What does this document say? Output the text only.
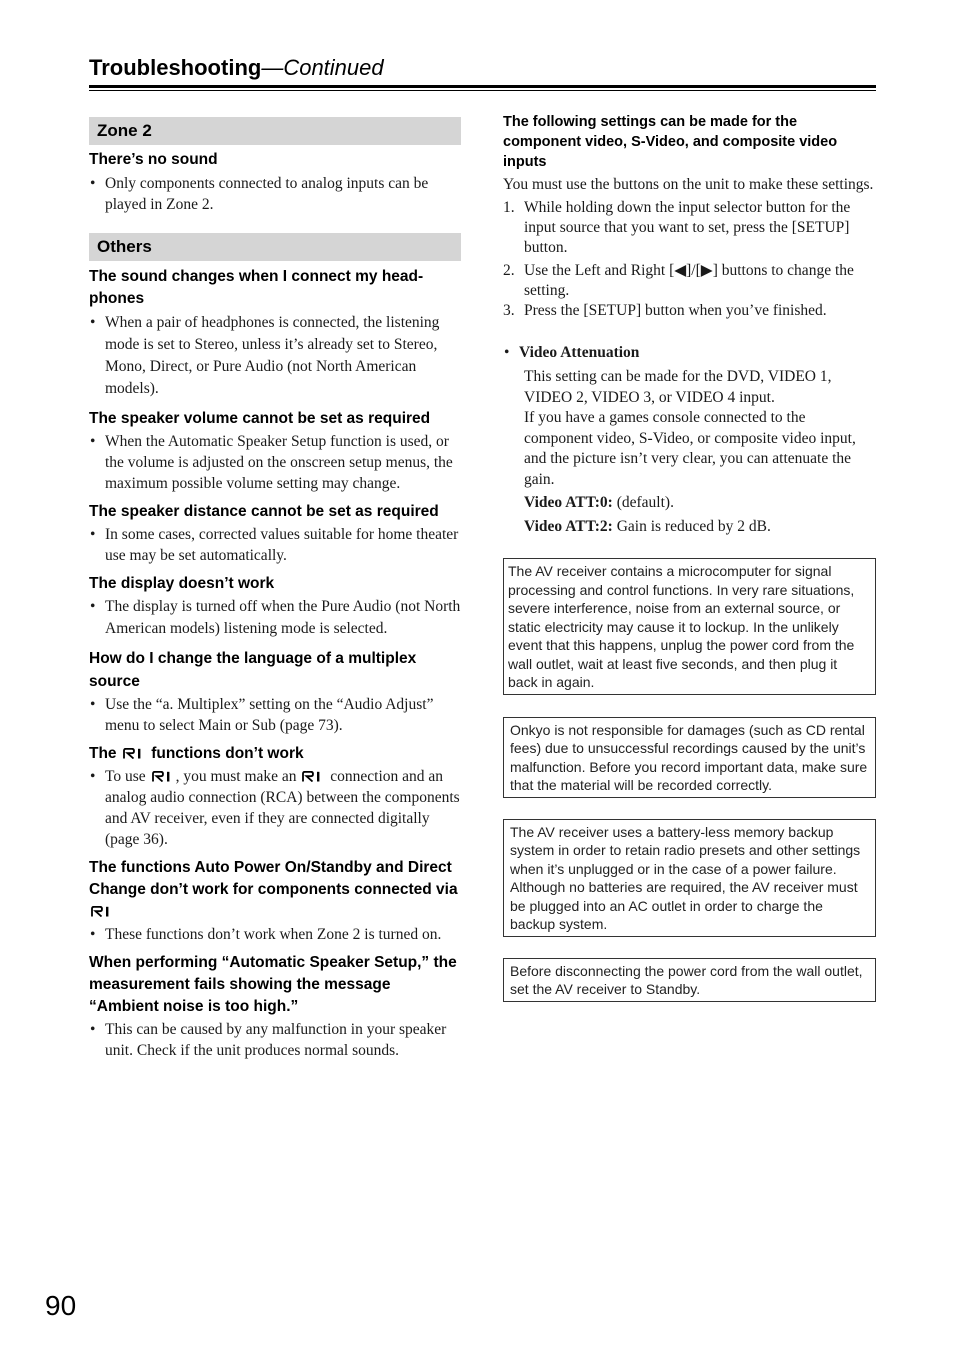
Troubleshooting—Continued
Zone 2
There’s no sound
• Only components connected to analog inputs can be played in Zone 2.
Others
The sound changes when I connect my head-phones
• When a pair of headphones is connected, the listening mode is set to Stereo, unless it’s already set to Stereo, Mono, Direct, or Pure Audio (not North American models).
The speaker volume cannot be set as required
• When the Automatic Speaker Setup function is used, or the volume is adjusted on the onscreen setup menus, the maximum possible volume setting may change.
The speaker distance cannot be set as required
• In some cases, corrected values suitable for home theater use may be set automatically.
The display doesn’t work
• The display is turned off when the Pure Audio (not North American models) listening mode is selected.
How do I change the language of a multiplex source
• Use the “a. Multiplex” setting on the “Audio Adjust” menu to select Main or Sub (page 73).
The functions don’t work
• To use , you must make an connection and an analog audio connection (RCA) between the components and AV receiver, even if they are connected digitally (page 36).
The functions Auto Power On/Standby and Direct Change don’t work for components connected via
• These functions don’t work when Zone 2 is turned on.
When performing “Automatic Speaker Setup,” the measurement fails showing the message “Ambient noise is too high.”
• This can be caused by any malfunction in your speaker unit. Check if the unit produces normal sounds.
The following settings can be made for the component video, S-Video, and composite video inputs
You must use the buttons on the unit to make these settings.
1. While holding down the input selector button for the input source that you want to set, press the [SETUP] button.
2. Use the Left and Right [◀]/[▶] buttons to change the setting.
3. Press the [SETUP] button when you’ve finished.
• Video Attenuation
This setting can be made for the DVD, VIDEO 1, VIDEO 2, VIDEO 3, or VIDEO 4 input.
If you have a games console connected to the component video, S-Video, or composite video input, and the picture isn’t very clear, you can attenuate the gain.
Video ATT:0: (default).
Video ATT:2: Gain is reduced by 2 dB.
The AV receiver contains a microcomputer for signal processing and control functions. In very rare situations, severe interference, noise from an external source, or static electricity may cause it to lockup. In the unlikely event that this happens, unplug the power cord from the wall outlet, wait at least five seconds, and then plug it back in again.
Onkyo is not responsible for damages (such as CD rental fees) due to unsuccessful recordings caused by the unit’s malfunction. Before you record important data, make sure that the material will be recorded correctly.
The AV receiver uses a battery-less memory backup system in order to retain radio presets and other settings when it’s unplugged or in the case of a power failure. Although no batteries are required, the AV receiver must be plugged into an AC outlet in order to charge the backup system.
Before disconnecting the power cord from the wall outlet, set the AV receiver to Standby.
90
